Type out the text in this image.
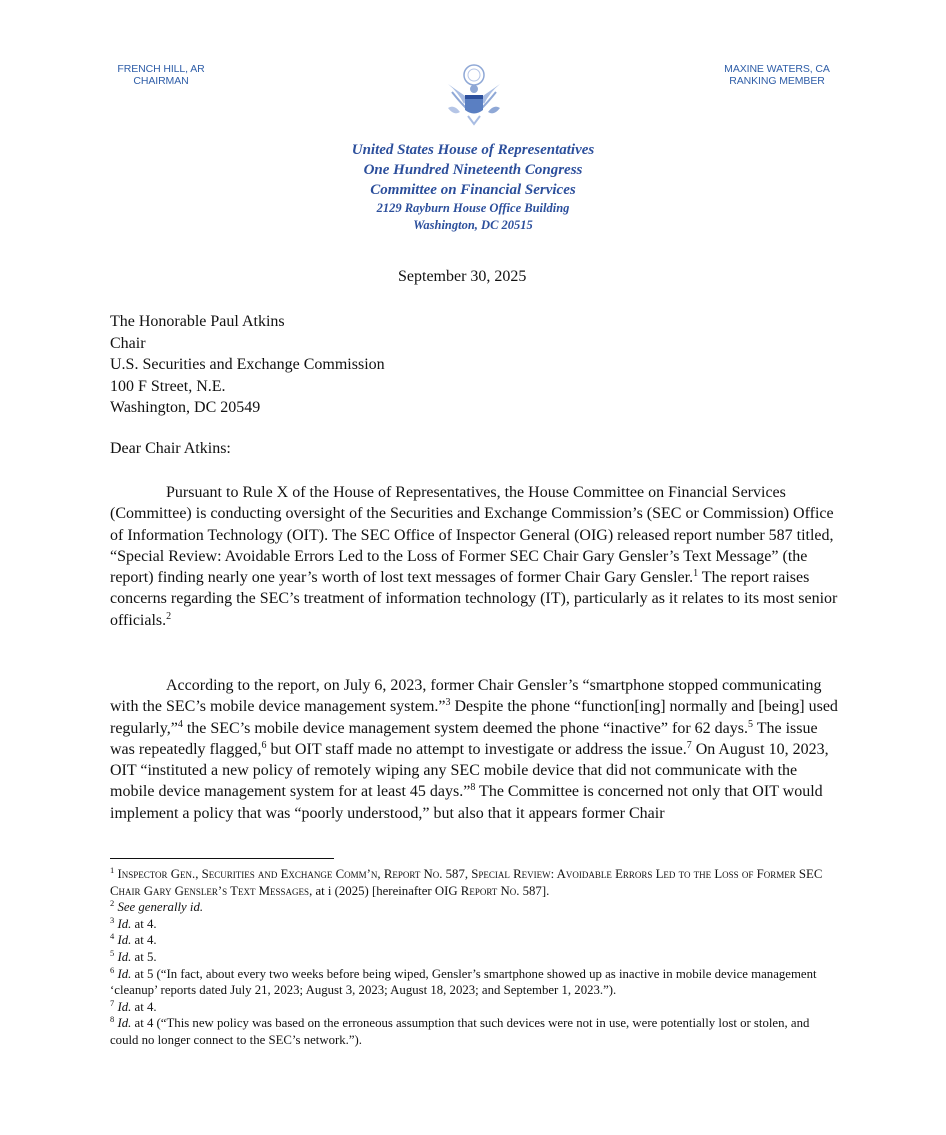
FRENCH HILL, AR
CHAIRMAN
MAXINE WATERS, CA
RANKING MEMBER
United States House of Representatives
One Hundred Nineteenth Congress
Committee on Financial Services
2129 Rayburn House Office Building
Washington, DC 20515
September 30, 2025
The Honorable Paul Atkins
Chair
U.S. Securities and Exchange Commission
100 F Street, N.E.
Washington, DC 20549
Dear Chair Atkins:
Pursuant to Rule X of the House of Representatives, the House Committee on Financial Services (Committee) is conducting oversight of the Securities and Exchange Commission’s (SEC or Commission) Office of Information Technology (OIT). The SEC Office of Inspector General (OIG) released report number 587 titled, “Special Review: Avoidable Errors Led to the Loss of Former SEC Chair Gary Gensler’s Text Message” (the report) finding nearly one year’s worth of lost text messages of former Chair Gary Gensler.$^1$ The report raises concerns regarding the SEC’s treatment of information technology (IT), particularly as it relates to its most senior officials.$^2$
According to the report, on July 6, 2023, former Chair Gensler’s “smartphone stopped communicating with the SEC’s mobile device management system.”$^3$ Despite the phone “function[ing] normally and [being] used regularly,”$^4$ the SEC’s mobile device management system deemed the phone “inactive” for 62 days.$^5$ The issue was repeatedly flagged,$^6$ but OIT staff made no attempt to investigate or address the issue.$^7$ On August 10, 2023, OIT “instituted a new policy of remotely wiping any SEC mobile device that did not communicate with the mobile device management system for at least 45 days.”$^8$ The Committee is concerned not only that OIT would implement a policy that was “poorly understood,” but also that it appears former Chair
$^1$ Inspector Gen., Securities and Exchange Comm’n, Report No. 587, Special Review: Avoidable Errors Led to the Loss of Former SEC Chair Gary Gensler’s Text Messages, at i (2025) [hereinafter OIG Report No. 587].
$^2$ See generally id.
$^3$ Id. at 4.
$^4$ Id. at 4.
$^5$ Id. at 5.
$^6$ Id. at 5 (“In fact, about every two weeks before being wiped, Gensler’s smartphone showed up as inactive in mobile device management ‘cleanup’ reports dated July 21, 2023; August 3, 2023; August 18, 2023; and September 1, 2023.”).
$^7$ Id. at 4.
$^8$ Id. at 4 (“This new policy was based on the erroneous assumption that such devices were not in use, were potentially lost or stolen, and could no longer connect to the SEC’s network.”).
